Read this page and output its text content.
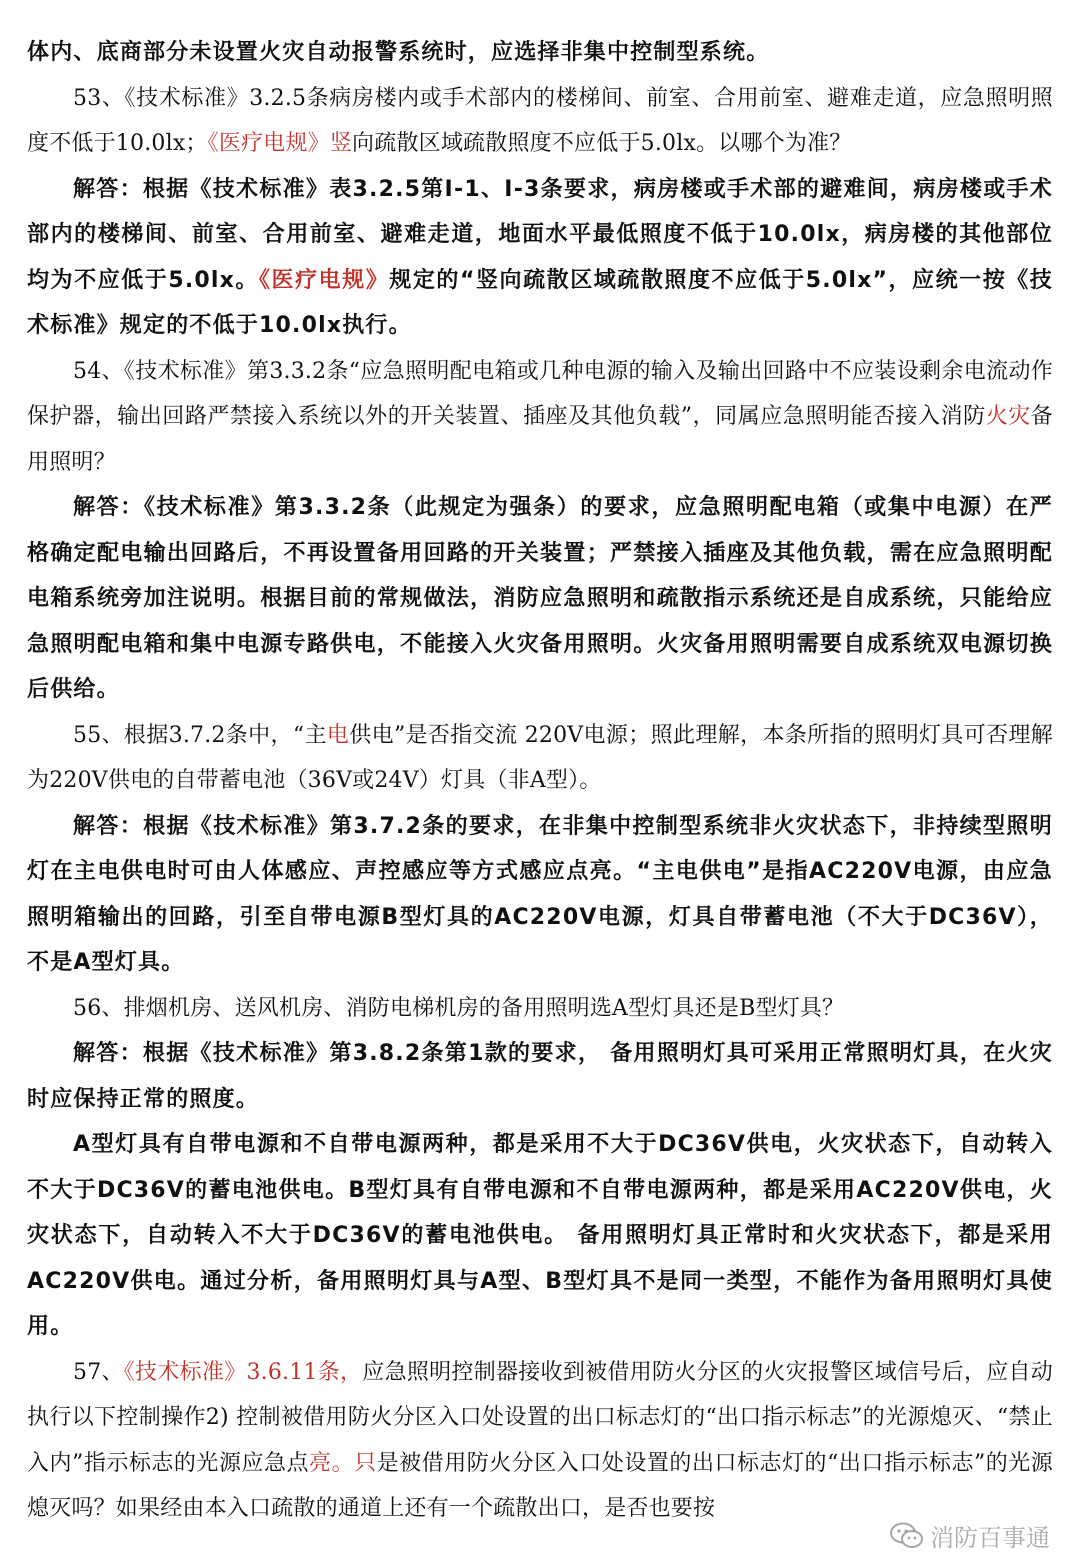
体内、底商部分未设置火灾自动报警系统时，应选择非集中控制型系统。

53、《技术标准》3.2.5条病房楼内或手术部内的楼梯间、前室、合用前室、避难走道，应急照明照度不低于10.0lx；《医疗电规》竖向疏散区域疏散照度不应低于5.0lx。以哪个为准？

解答：根据《技术标准》表3.2.5第Ⅰ-1、Ⅰ-3条要求，病房楼或手术部的避难间，病房楼或手术部内的楼梯间、前室、合用前室、避难走道，地面水平最低照度不低于10.0lx，病房楼的其他部位均为不应低于5.0lx。《医疗电规》规定的“竖向疏散区域疏散照度不应低于5.0lx”，应统一按《技术标准》规定的不低于10.0lx执行。

54、《技术标准》第3.3.2条“应急照明配电箱或几种电源的输入及输出回路中不应装设剩余电流动作保护器，输出回路严禁接入系统以外的开关装置、插座及其他负载”，同属应急照明能否接入消防火灾备用照明？

解答：《技术标准》第3.3.2条（此规定为强条）的要求，应急照明配电箱（或集中电源）在严格确定配电输出回路后，不再设置备用回路的开关装置；严禁接入插座及其他负载，需在应急照明配电箱系统旁加注说明。根据目前的常规做法，消防应急照明和疏散指示系统还是自成系统，只能给应急照明配电箱和集中电源专路供电，不能接入火灾备用照明。火灾备用照明需要自成系统双电源切换后供给。

55、根据3.7.2条中，“主电供电”是否指交流 220V电源；照此理解，本条所指的照明灯具可否理解为220V供电的自带蓄电池（36V或24V）灯具（非A型）。

解答：根据《技术标准》第3.7.2条的要求，在非集中控制型系统非火灾状态下，非持续型照明灯在主电供电时可由人体感应、声控感应等方式感应点亮。“主电供电”是指AC220V电源，由应急照明箱输出的回路，引至自带电源B型灯具的AC220V电源，灯具自带蓄电池（不大于DC36V），不是A型灯具。

56、排烟机房、送风机房、消防电梯机房的备用照明选A型灯具还是B型灯具？

解答：根据《技术标准》第3.8.2条第1款的要求， 备用照明灯具可采用正常照明灯具，在火灾时应保持正常的照度。

A型灯具有自带电源和不自带电源两种，都是采用不大于DC36V供电，火灾状态下，自动转入不大于DC36V的蓄电池供电。B型灯具有自带电源和不自带电源两种，都是采用AC220V供电，火灾状态下，自动转入不大于DC36V的蓄电池供电。 备用照明灯具正常时和火灾状态下，都是采用AC220V供电。通过分析，备用照明灯具与A型、B型灯具不是同一类型，不能作为备用照明灯具使用。

57、《技术标准》3.6.11条，应急照明控制器接收到被借用防火分区的火灾报警区域信号后，应自动执行以下控制操作2) 控制被借用防火分区入口处设置的出口标志灯的“出口指示标志”的光源熄灭、“禁止入内”指示标志的光源应急点亮。只是被借用防火分区入口处设置的出口标志灯的“出口指示标志”的光源熄灭吗？如果经由本入口疏散的通道上还有一个疏散出口，是否也要按

消防百事通
